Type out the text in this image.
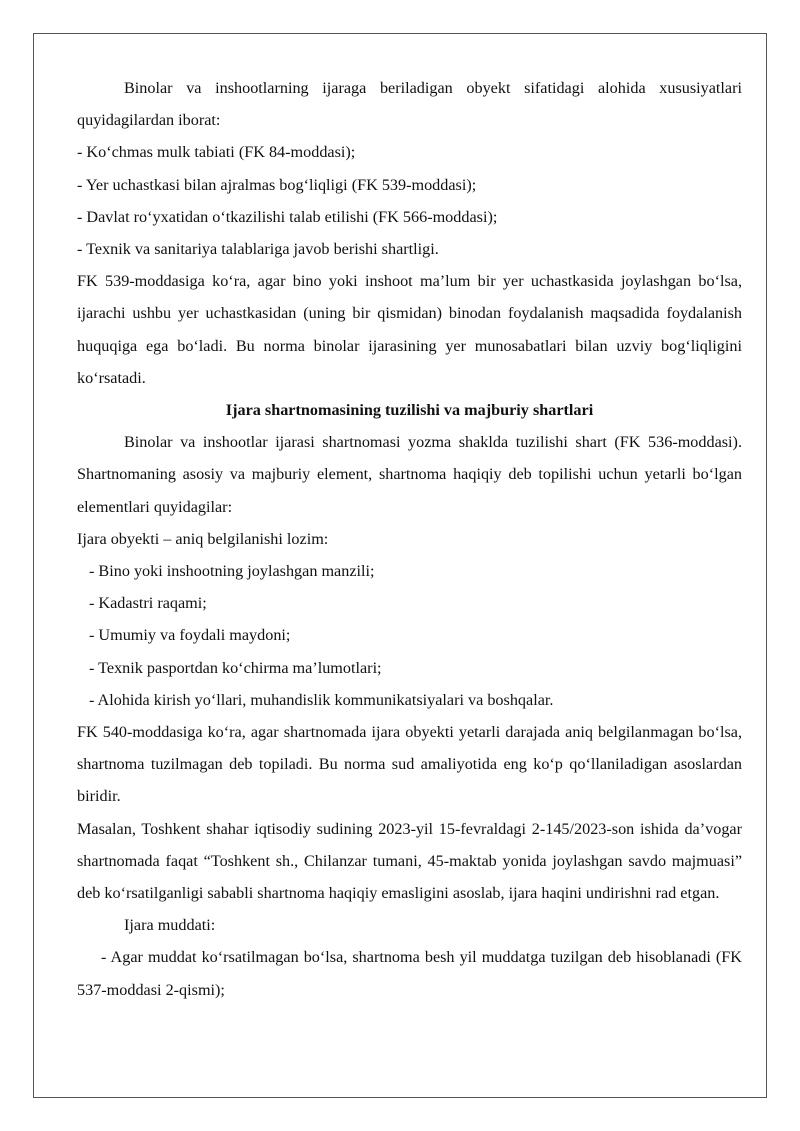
Binolar va inshootlarning ijaraga beriladigan obyekt sifatidagi alohida xususiyatlari quyidagilardan iborat:

- Ko‘chmas mulk tabiati (FK 84-moddasi);

- Yer uchastkasi bilan ajralmas bog‘liqligi (FK 539-moddasi);

- Davlat ro‘yxatidan o‘tkazilishi talab etilishi (FK 566-moddasi);

- Texnik va sanitariya talablariga javob berishi shartligi.

FK 539-moddasiga ko‘ra, agar bino yoki inshoot ma’lum bir yer uchastkasida joylashgan bo‘lsa, ijarachi ushbu yer uchastkasidan (uning bir qismidan) binodan foydalanish maqsadida foydalanish huquqiga ega bo‘ladi. Bu norma binolar ijarasining yer munosabatlari bilan uzviy bog‘liqligini ko‘rsatadi.

Ijara shartnomasining tuzilishi va majburiy shartlari

Binolar va inshootlar ijarasi shartnomasi yozma shaklda tuzilishi shart (FK 536-moddasi). Shartnomaning asosiy va majburiy element, shartnoma haqiqiy deb topilishi uchun yetarli bo‘lgan elementlari quyidagilar:

Ijara obyekti – aniq belgilanishi lozim:

- Bino yoki inshootning joylashgan manzili;

- Kadastri raqami;

- Umumiy va foydali maydoni;

- Texnik pasportdan ko‘chirma ma’lumotlari;

- Alohida kirish yo‘llari, muhandislik kommunikatsiyalari va boshqalar.

FK 540-moddasiga ko‘ra, agar shartnomada ijara obyekti yetarli darajada aniq belgilanmagan bo‘lsa, shartnoma tuzilmagan deb topiladi. Bu norma sud amaliyotida eng ko‘p qo‘llaniladigan asoslardan biridir.

Masalan, Toshkent shahar iqtisodiy sudining 2023-yil 15-fevraldagi 2-145/2023-son ishida da’vogar shartnomada faqat “Toshkent sh., Chilanzar tumani, 45-maktab yonida joylashgan savdo majmuasi” deb ko‘rsatilganligi sababli shartnoma haqiqiy emasligini asoslab, ijara haqini undirishni rad etgan.

Ijara muddati:

- Agar muddat ko‘rsatilmagan bo‘lsa, shartnoma besh yil muddatga tuzilgan deb hisoblanadi (FK 537-moddasi 2-qismi);
